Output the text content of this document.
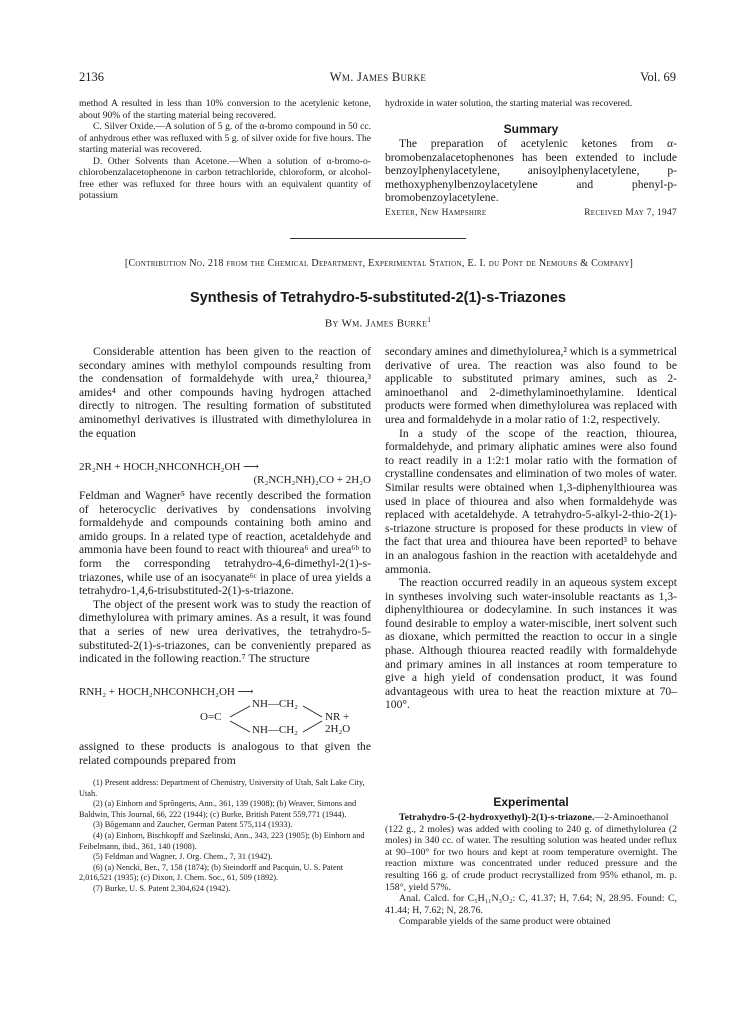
2136	Wm. James Burke	Vol. 69

method A resulted in less than 10% conversion to the acetylenic ketone, about 90% of the starting material being recovered.

C. Silver Oxide.—A solution of 5 g. of the α-bromo compound in 50 cc. of anhydrous ether was refluxed with 5 g. of silver oxide for five hours. The starting material was recovered.

D. Other Solvents than Acetone.—When a solution of α-bromo-o-chlorobenzalacetophenone in carbon tetrachloride, chloroform, or alcohol-free ether was refluxed for three hours with an equivalent quantity of potassium

hydroxide in water solution, the starting material was recovered.

Summary

The preparation of acetylenic ketones from α-bromobenzalacetophenones has been extended to include benzoylphenylacetylene, anisoylphenylacetylene, p-methoxyphenylbenzoylacetylene and phenyl-p-bromobenzoylacetylene.

Exeter, New Hampshire	Received May 7, 1947
[Contribution No. 218 from the Chemical Department, Experimental Station, E. I. du Pont de Nemours & Company]
Synthesis of Tetrahydro-5-substituted-2(1)-s-Triazones
By Wm. James Burke$^1$

Considerable attention has been given to the reaction of secondary amines with methylol compounds resulting from the condensation of formaldehyde with urea,² thiourea,³ amides⁴ and other compounds having hydrogen attached directly to nitrogen. The resulting formation of substituted aminomethyl derivatives is illustrated with dimethylolurea in the equation

2R₂NH + HOCH₂NHCONHCH₂OH ⟶
(R₂NCH₂NH)₂CO + 2H₂O

Feldman and Wagner⁵ have recently described the formation of heterocyclic derivatives by condensations involving formaldehyde and compounds containing both amino and amido groups. In a related type of reaction, acetaldehyde and ammonia have been found to react with thiourea⁶ and urea⁶ᵇ to form the corresponding tetrahydro-4,6-dimethyl-2(1)-s-triazones, while use of an isocyanate⁶ᶜ in place of urea yields a tetrahydro-1,4,6-trisubstituted-2(1)-s-triazone.

The object of the present work was to study the reaction of dimethylolurea with primary amines. As a result, it was found that a series of new urea derivatives, the tetrahydro-5-substituted-2(1)-s-triazones, can be conveniently prepared as indicated in the following reaction.⁷ The structure

RNH₂ + HOCH₂NHCONHCH₂OH ⟶
NH—CH₂
O=C	NR + 2H₂O
NH—CH₂

assigned to these products is analogous to that given the related compounds prepared from

(1) Present address: Department of Chemistry, University of Utah, Salt Lake City, Utah.

(2) (a) Einhorn and Sprōngerts, Ann., 361, 139 (1908); (b) Weaver, Simons and Baldwin, This Journal, 66, 222 (1944); (c) Burke, British Patent 559,771 (1944).

(3) Bōgemann and Zaucher, German Patent 575,114 (1933).

(4) (a) Einhorn, Bischkopff and Szelinski, Ann., 343, 223 (1905); (b) Einhorn and Feibelmann, ibid., 361, 140 (1908).

(5) Feldman and Wagner, J. Org. Chem., 7, 31 (1942).

(6) (a) Nencki, Ber., 7, 158 (1874); (b) Steindorff and Pacquin, U. S. Patent 2,016,521 (1935); (c) Dixon, J. Chem. Soc., 61, 509 (1892).

(7) Burke, U. S. Patent 2,304,624 (1942).

secondary amines and dimethylolurea,² which is a symmetrical derivative of urea. The reaction was also found to be applicable to substituted primary amines, such as 2-aminoethanol and 2-dimethylaminoethylamine. Identical products were formed when dimethylolurea was replaced with urea and formaldehyde in a molar ratio of 1:2, respectively.

In a study of the scope of the reaction, thiourea, formaldehyde, and primary aliphatic amines were also found to react readily in a 1:2:1 molar ratio with the formation of crystalline condensates and elimination of two moles of water. Similar results were obtained when 1,3-diphenylthiourea was used in place of thiourea and also when formaldehyde was replaced with acetaldehyde. A tetrahydro-5-alkyl-2-thio-2(1)-s-triazone structure is proposed for these products in view of the fact that urea and thiourea have been reported³ to behave in an analogous fashion in the reaction with acetaldehyde and ammonia.

The reaction occurred readily in an aqueous system except in syntheses involving such water-insoluble reactants as 1,3-diphenylthiourea or dodecylamine. In such instances it was found desirable to employ a water-miscible, inert solvent such as dioxane, which permitted the reaction to occur in a single phase. Although thiourea reacted readily with formaldehyde and primary amines in all instances at room temperature to give a high yield of condensation product, it was found advantageous with urea to heat the reaction mixture at 70–100°.

Experimental

Tetrahydro-5-(2-hydroxyethyl)-2(1)-s-triazone.—2-Aminoethanol (122 g., 2 moles) was added with cooling to 240 g. of dimethylolurea (2 moles) in 340 cc. of water. The resulting solution was heated under reflux at 90–100° for two hours and kept at room temperature overnight. The reaction mixture was concentrated under reduced pressure and the resulting 166 g. of crude product recrystallized from 95% ethanol, m. p. 158°, yield 57%.

Anal. Calcd. for C₅H₁₁N₃O₂: C, 41.37; H, 7.64; N, 28.95. Found: C, 41.44; H, 7.62; N, 28.76.

Comparable yields of the same product were obtained
